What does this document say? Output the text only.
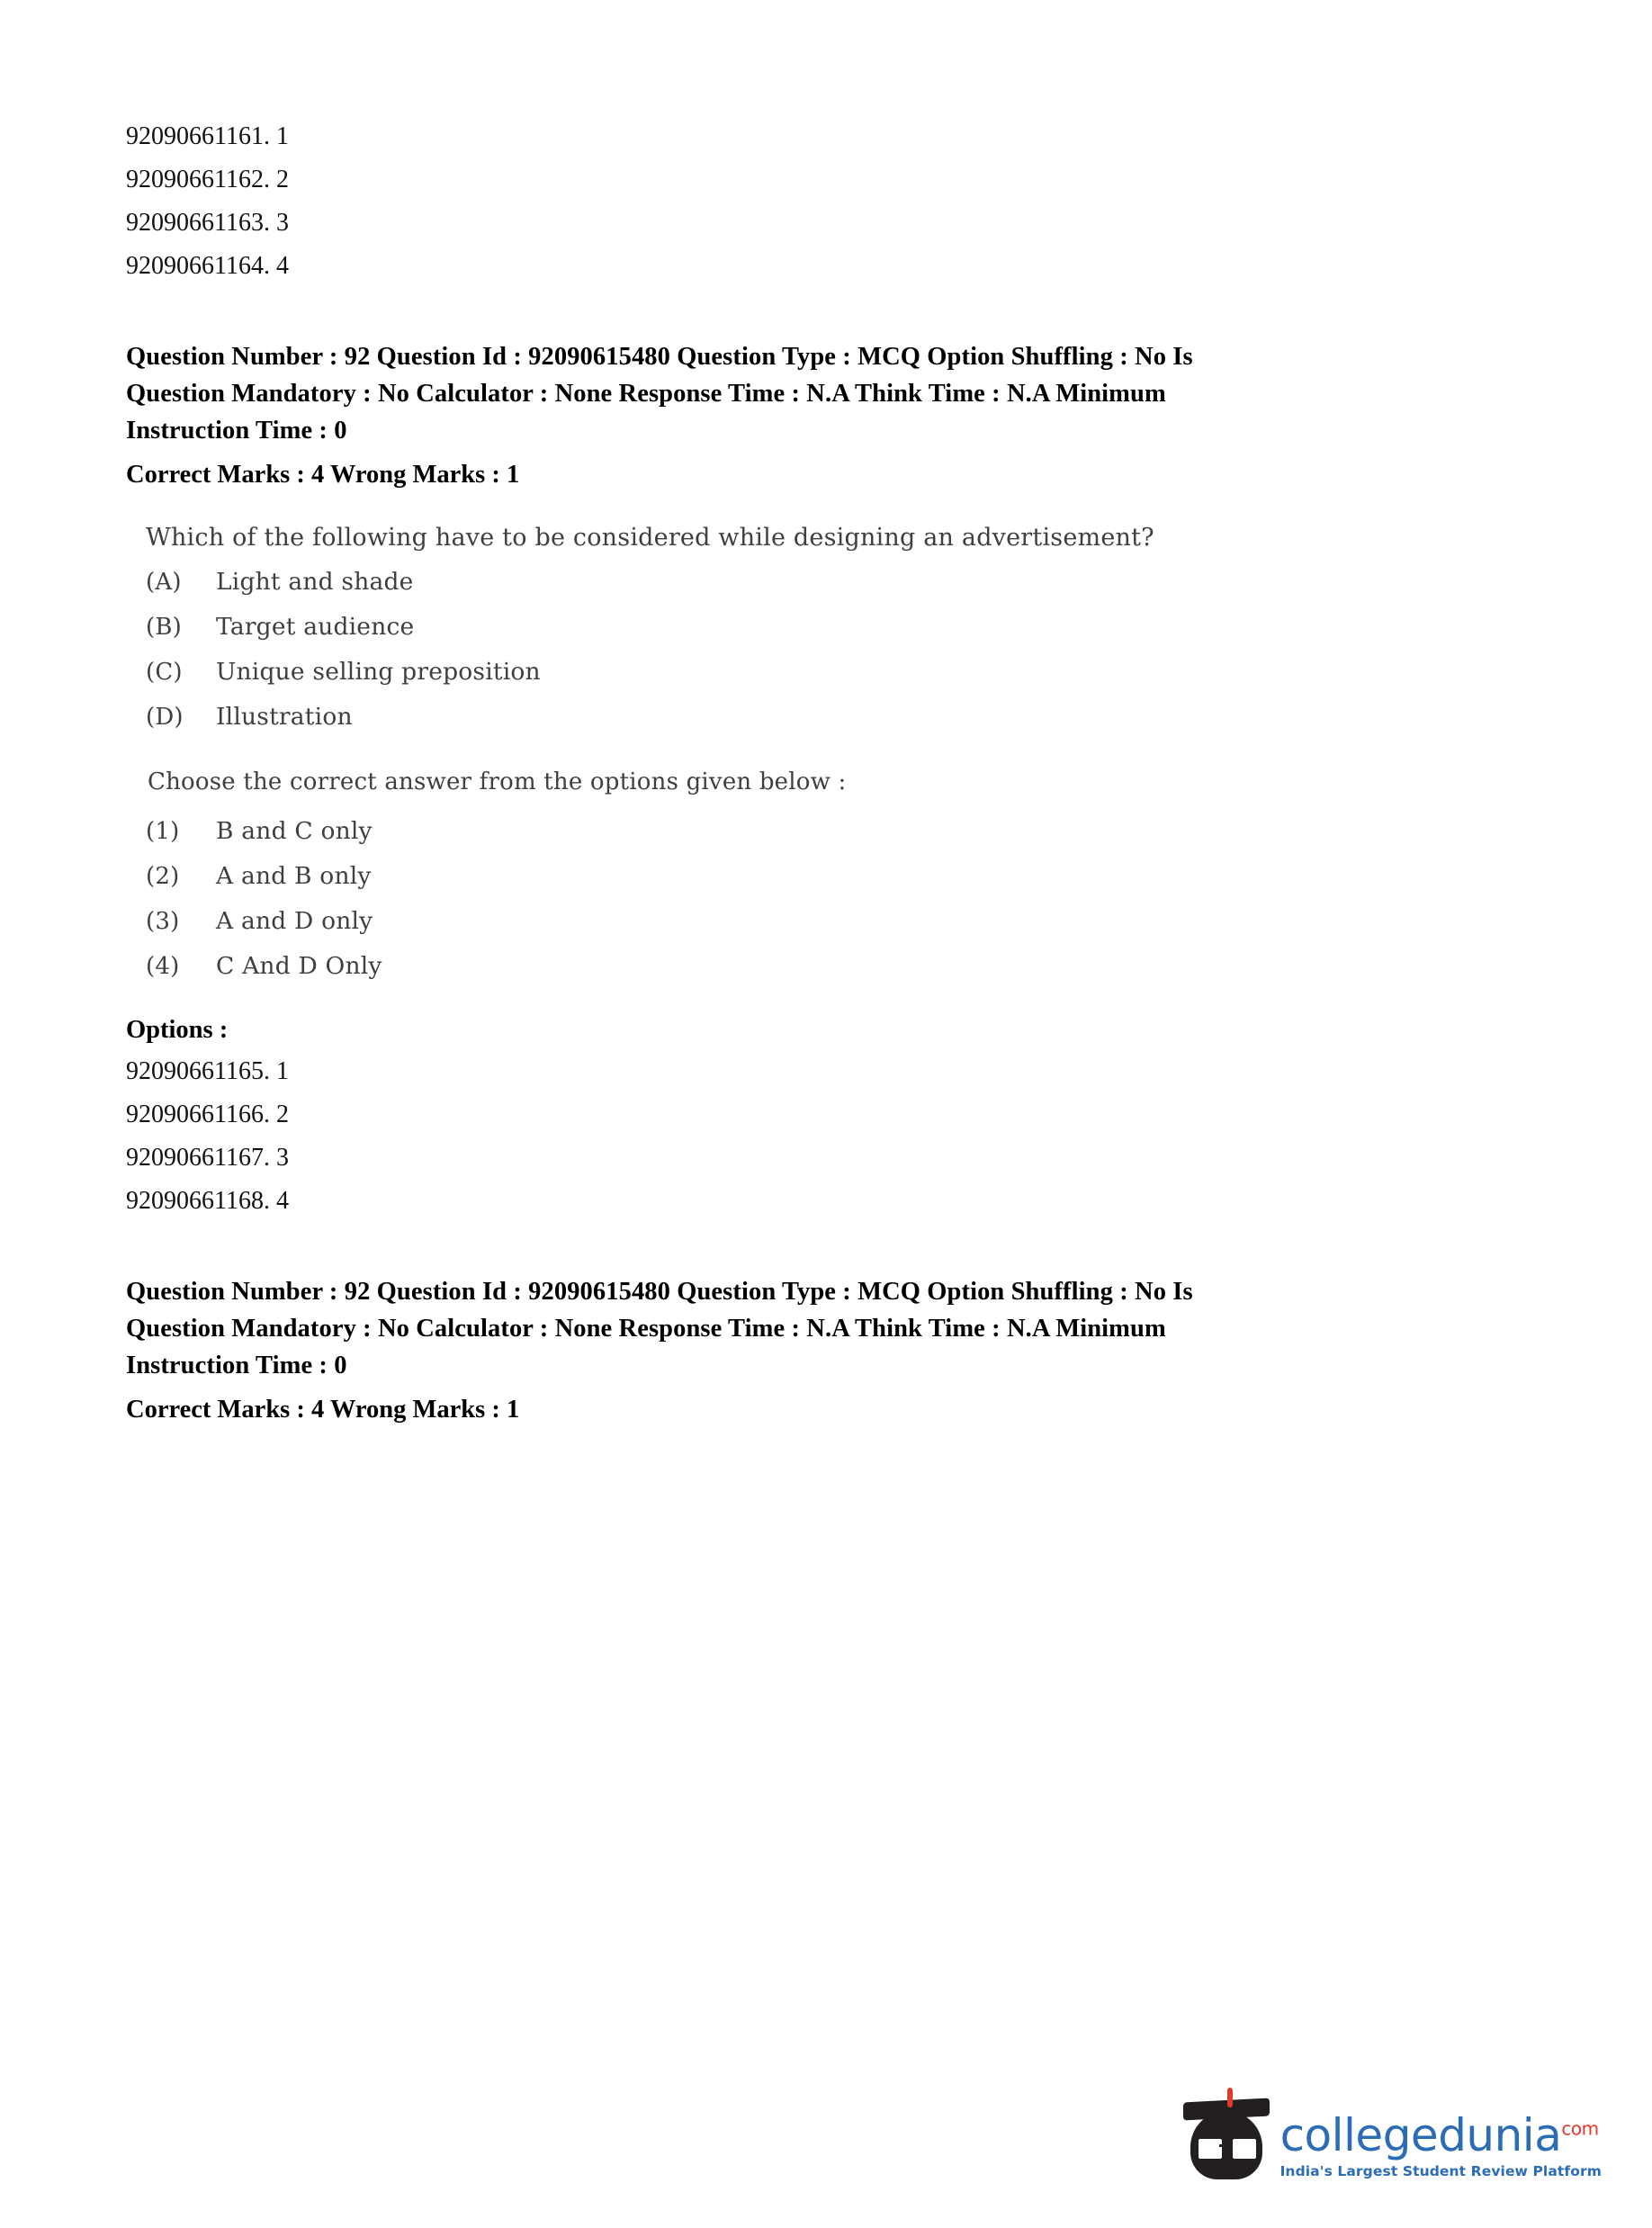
92090661161. 1
92090661162. 2
92090661163. 3
92090661164. 4
Question Number : 92 Question Id : 92090615480 Question Type : MCQ Option Shuffling : No Is
Question Mandatory : No Calculator : None Response Time : N.A Think Time : N.A Minimum
Instruction Time : 0
Correct Marks : 4 Wrong Marks : 1
Which of the following have to be considered while designing an advertisement?
(A)	Light and shade
(B)	Target audience
(C)	Unique selling preposition
(D)	Illustration
Choose the correct answer from the options given below :
(1)	B and C only
(2)	A and B only
(3)	A and D only
(4)	C And D Only
Options :
92090661165. 1
92090661166. 2
92090661167. 3
92090661168. 4
Question Number : 92 Question Id : 92090615480 Question Type : MCQ Option Shuffling : No Is
Question Mandatory : No Calculator : None Response Time : N.A Think Time : N.A Minimum
Instruction Time : 0
Correct Marks : 4 Wrong Marks : 1
collegedunia$^{com}$
India's Largest Student Review Platform
